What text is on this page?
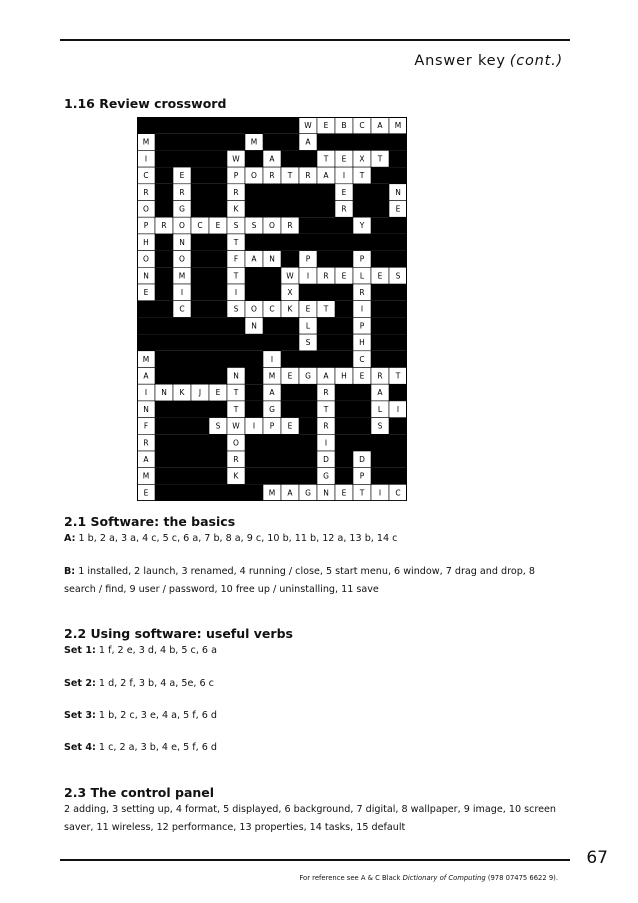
Answer key (cont.)
1.16 Review crossword
W E B C A M
M	M	A
I	W	A	T E X T
C	E	P O R T R A I T
R	R	R	E	N
O	G	K	R	E
P R O C E S S O R	Y
H	N	T
O	O	F A N	P	P
N	M	T	W I R E L E S
E	I	I	X	R
C	S O C K E T	I
N	L	P
S	H
M	I	C
A	N	M E G A H E R T
I N K J E T	A	R	A
N	T	G	T	L I
F	S W I P E	R	S
R	O	I
A	R	D	D
M	K	G	P
E	M A G N E T I C
2.1 Software: the basics
A: 1 b, 2 a, 3 a, 4 c, 5 c, 6 a, 7 b, 8 a, 9 c, 10 b, 11 b, 12 a, 13 b, 14 c
B: 1 installed, 2 launch, 3 renamed, 4 running / close, 5 start menu, 6 window, 7 drag and drop, 8 search / find, 9 user / password, 10 free up / uninstalling, 11 save
2.2 Using software: useful verbs
Set 1: 1 f, 2 e, 3 d, 4 b, 5 c, 6 a
Set 2: 1 d, 2 f, 3 b, 4 a, 5e, 6 c
Set 3: 1 b, 2 c, 3 e, 4 a, 5 f, 6 d
Set 4: 1 c, 2 a, 3 b, 4 e, 5 f, 6 d
2.3 The control panel
2 adding, 3 setting up, 4 format, 5 displayed, 6 background, 7 digital, 8 wallpaper, 9 image, 10 screen saver, 11 wireless, 12 performance, 13 properties, 14 tasks, 15 default
67
For reference see A & C Black Dictionary of Computing (978 07475 6622 9).
